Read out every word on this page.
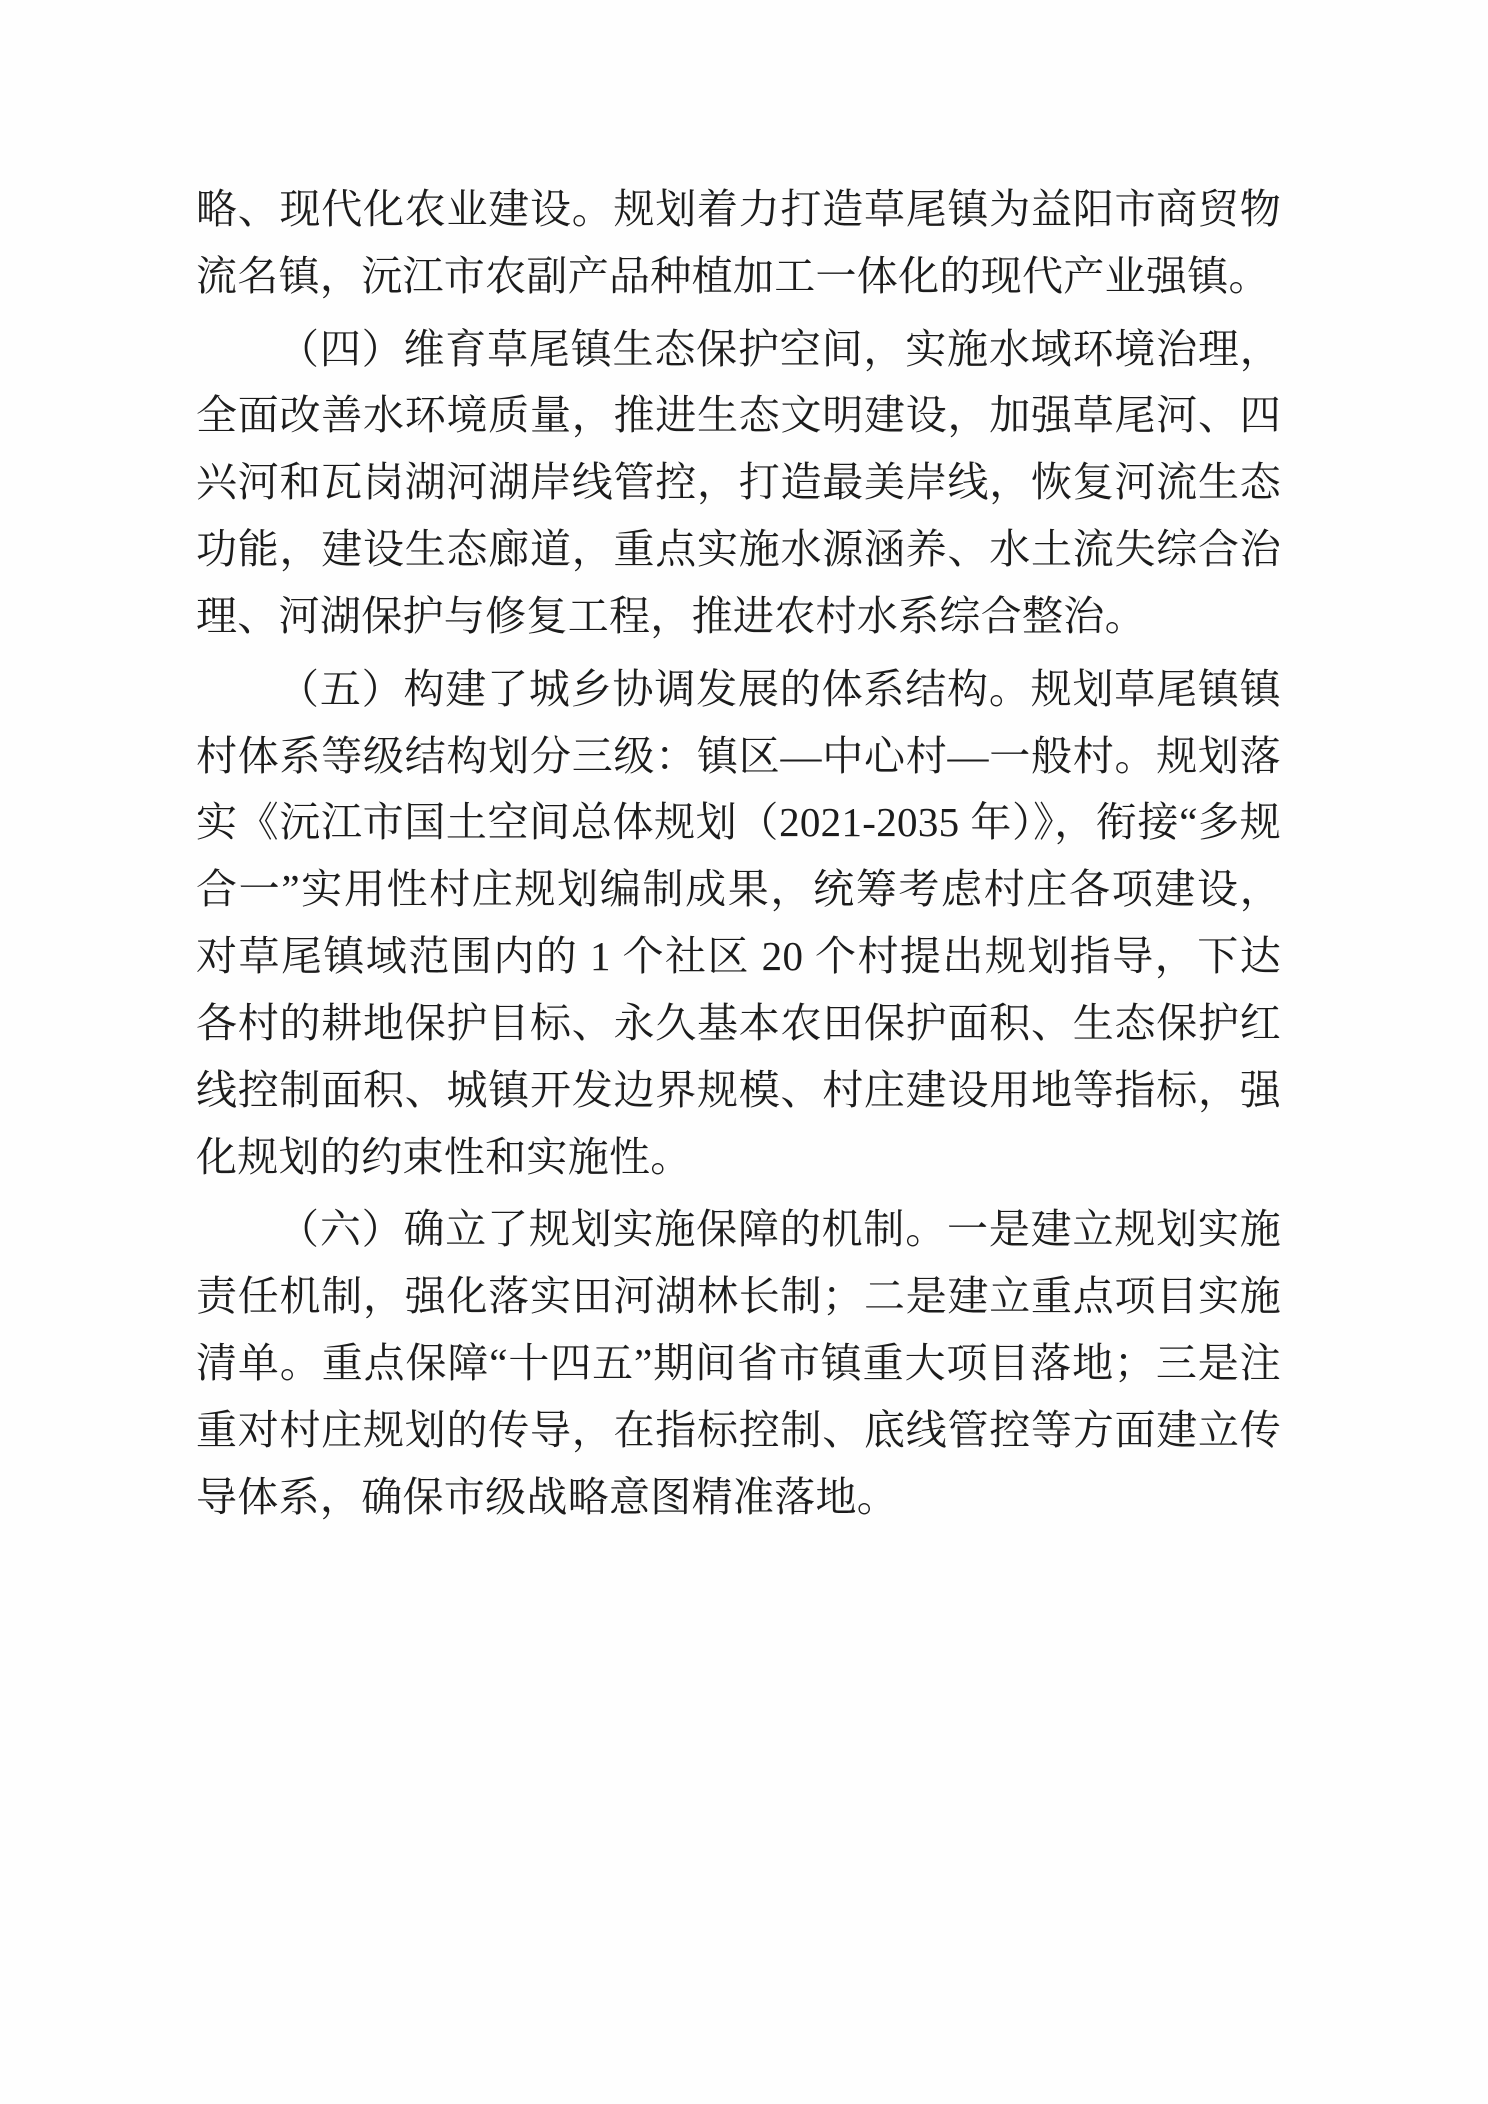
略、现代化农业建设。规划着力打造草尾镇为益阳市商贸物流名镇，沅江市农副产品种植加工一体化的现代产业强镇。

（四）维育草尾镇生态保护空间，实施水域环境治理，全面改善水环境质量，推进生态文明建设，加强草尾河、四兴河和瓦岗湖河湖岸线管控，打造最美岸线，恢复河流生态功能，建设生态廊道，重点实施水源涵养、水土流失综合治理、河湖保护与修复工程，推进农村水系综合整治。

（五）构建了城乡协调发展的体系结构。规划草尾镇镇村体系等级结构划分三级：镇区—中心村—一般村。规划落实《沅江市国土空间总体规划（2021-2035 年）》，衔接“多规合一”实用性村庄规划编制成果，统筹考虑村庄各项建设，对草尾镇域范围内的 1 个社区 20 个村提出规划指导，下达各村的耕地保护目标、永久基本农田保护面积、生态保护红线控制面积、城镇开发边界规模、村庄建设用地等指标，强化规划的约束性和实施性。

（六）确立了规划实施保障的机制。一是建立规划实施责任机制，强化落实田河湖林长制；二是建立重点项目实施清单。重点保障“十四五”期间省市镇重大项目落地；三是注重对村庄规划的传导，在指标控制、底线管控等方面建立传导体系，确保市级战略意图精准落地。
